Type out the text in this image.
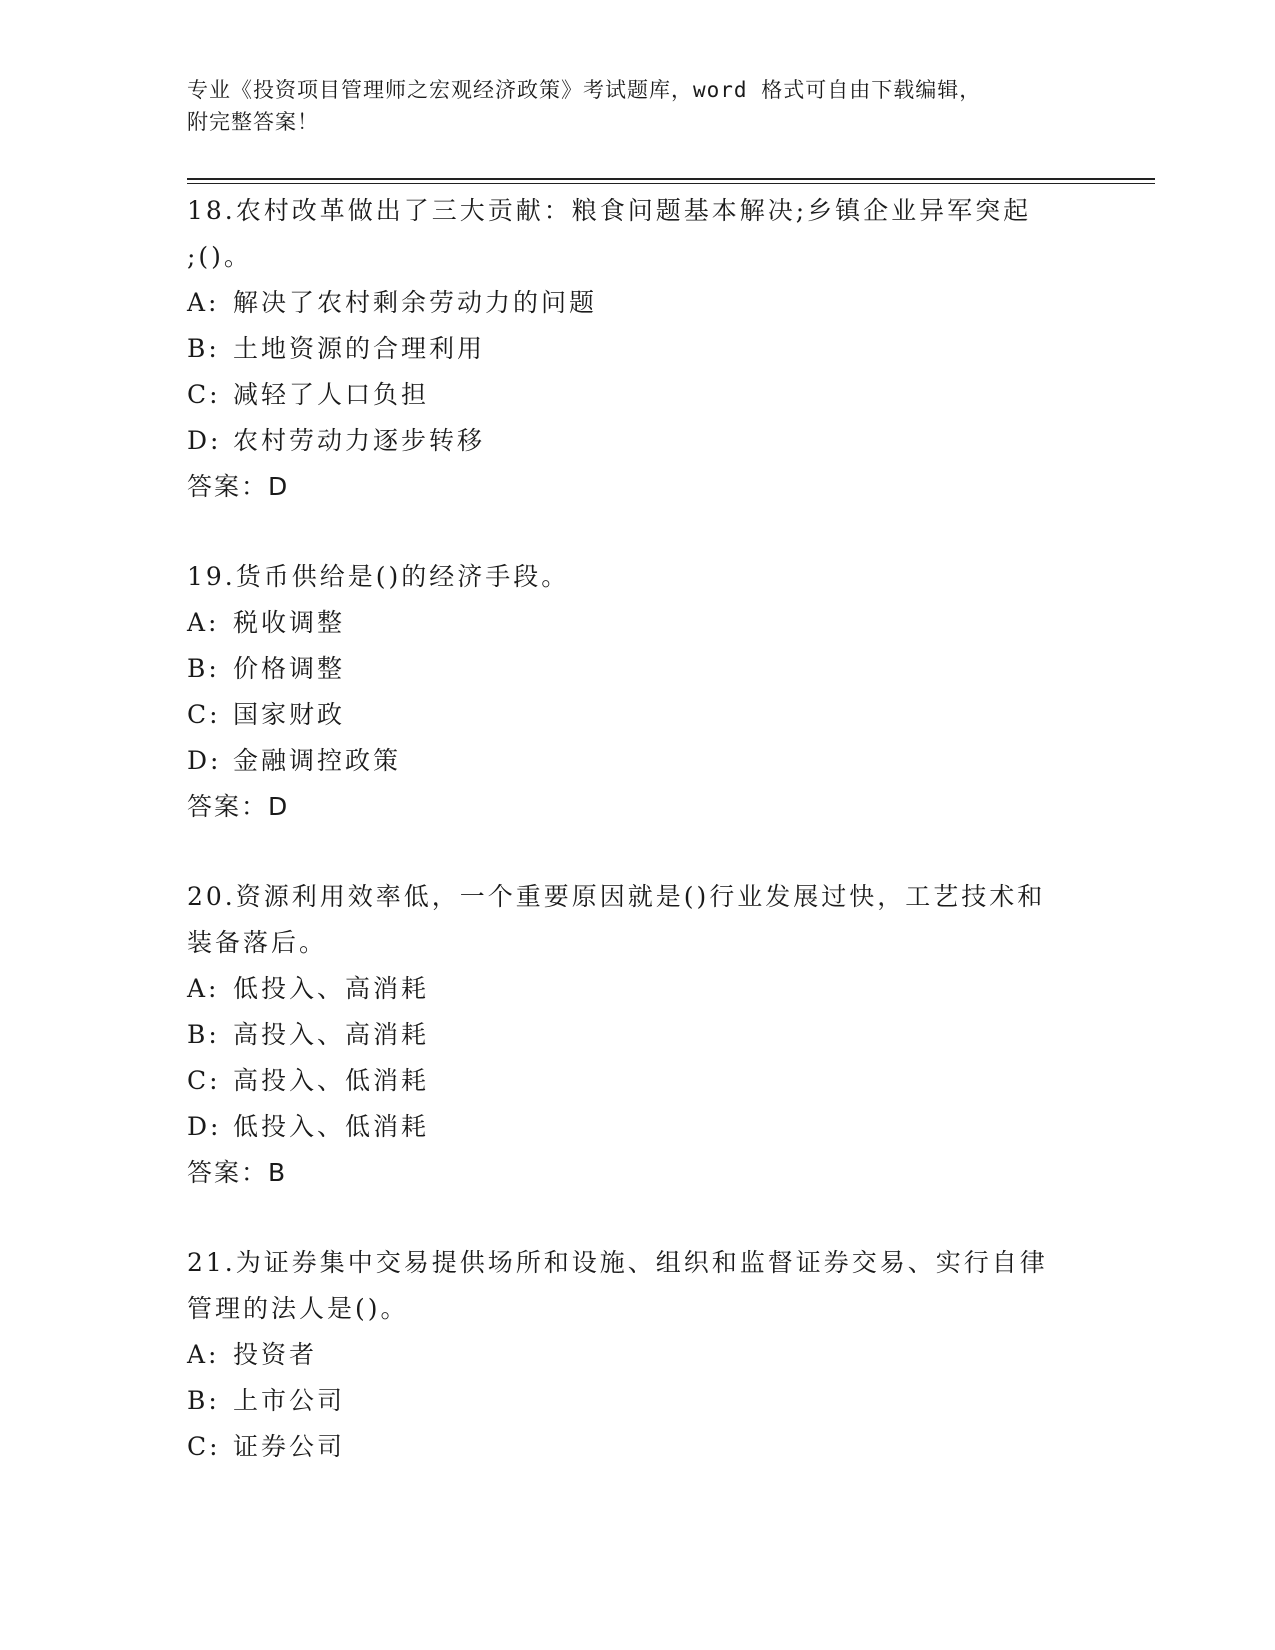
专业《投资项目管理师之宏观经济政策》考试题库，word 格式可自由下载编辑，
附完整答案！
18.农村改革做出了三大贡献：粮食问题基本解决;乡镇企业异军突起
;()。
A: 解决了农村剩余劳动力的问题
B: 土地资源的合理利用
C: 减轻了人口负担
D: 农村劳动力逐步转移
答案：D
19.货币供给是()的经济手段。
A: 税收调整
B: 价格调整
C: 国家财政
D: 金融调控政策
答案：D
20.资源利用效率低，一个重要原因就是()行业发展过快，工艺技术和
装备落后。
A: 低投入、高消耗
B: 高投入、高消耗
C: 高投入、低消耗
D: 低投入、低消耗
答案：B
21.为证券集中交易提供场所和设施、组织和监督证券交易、实行自律
管理的法人是()。
A: 投资者
B: 上市公司
C: 证券公司
